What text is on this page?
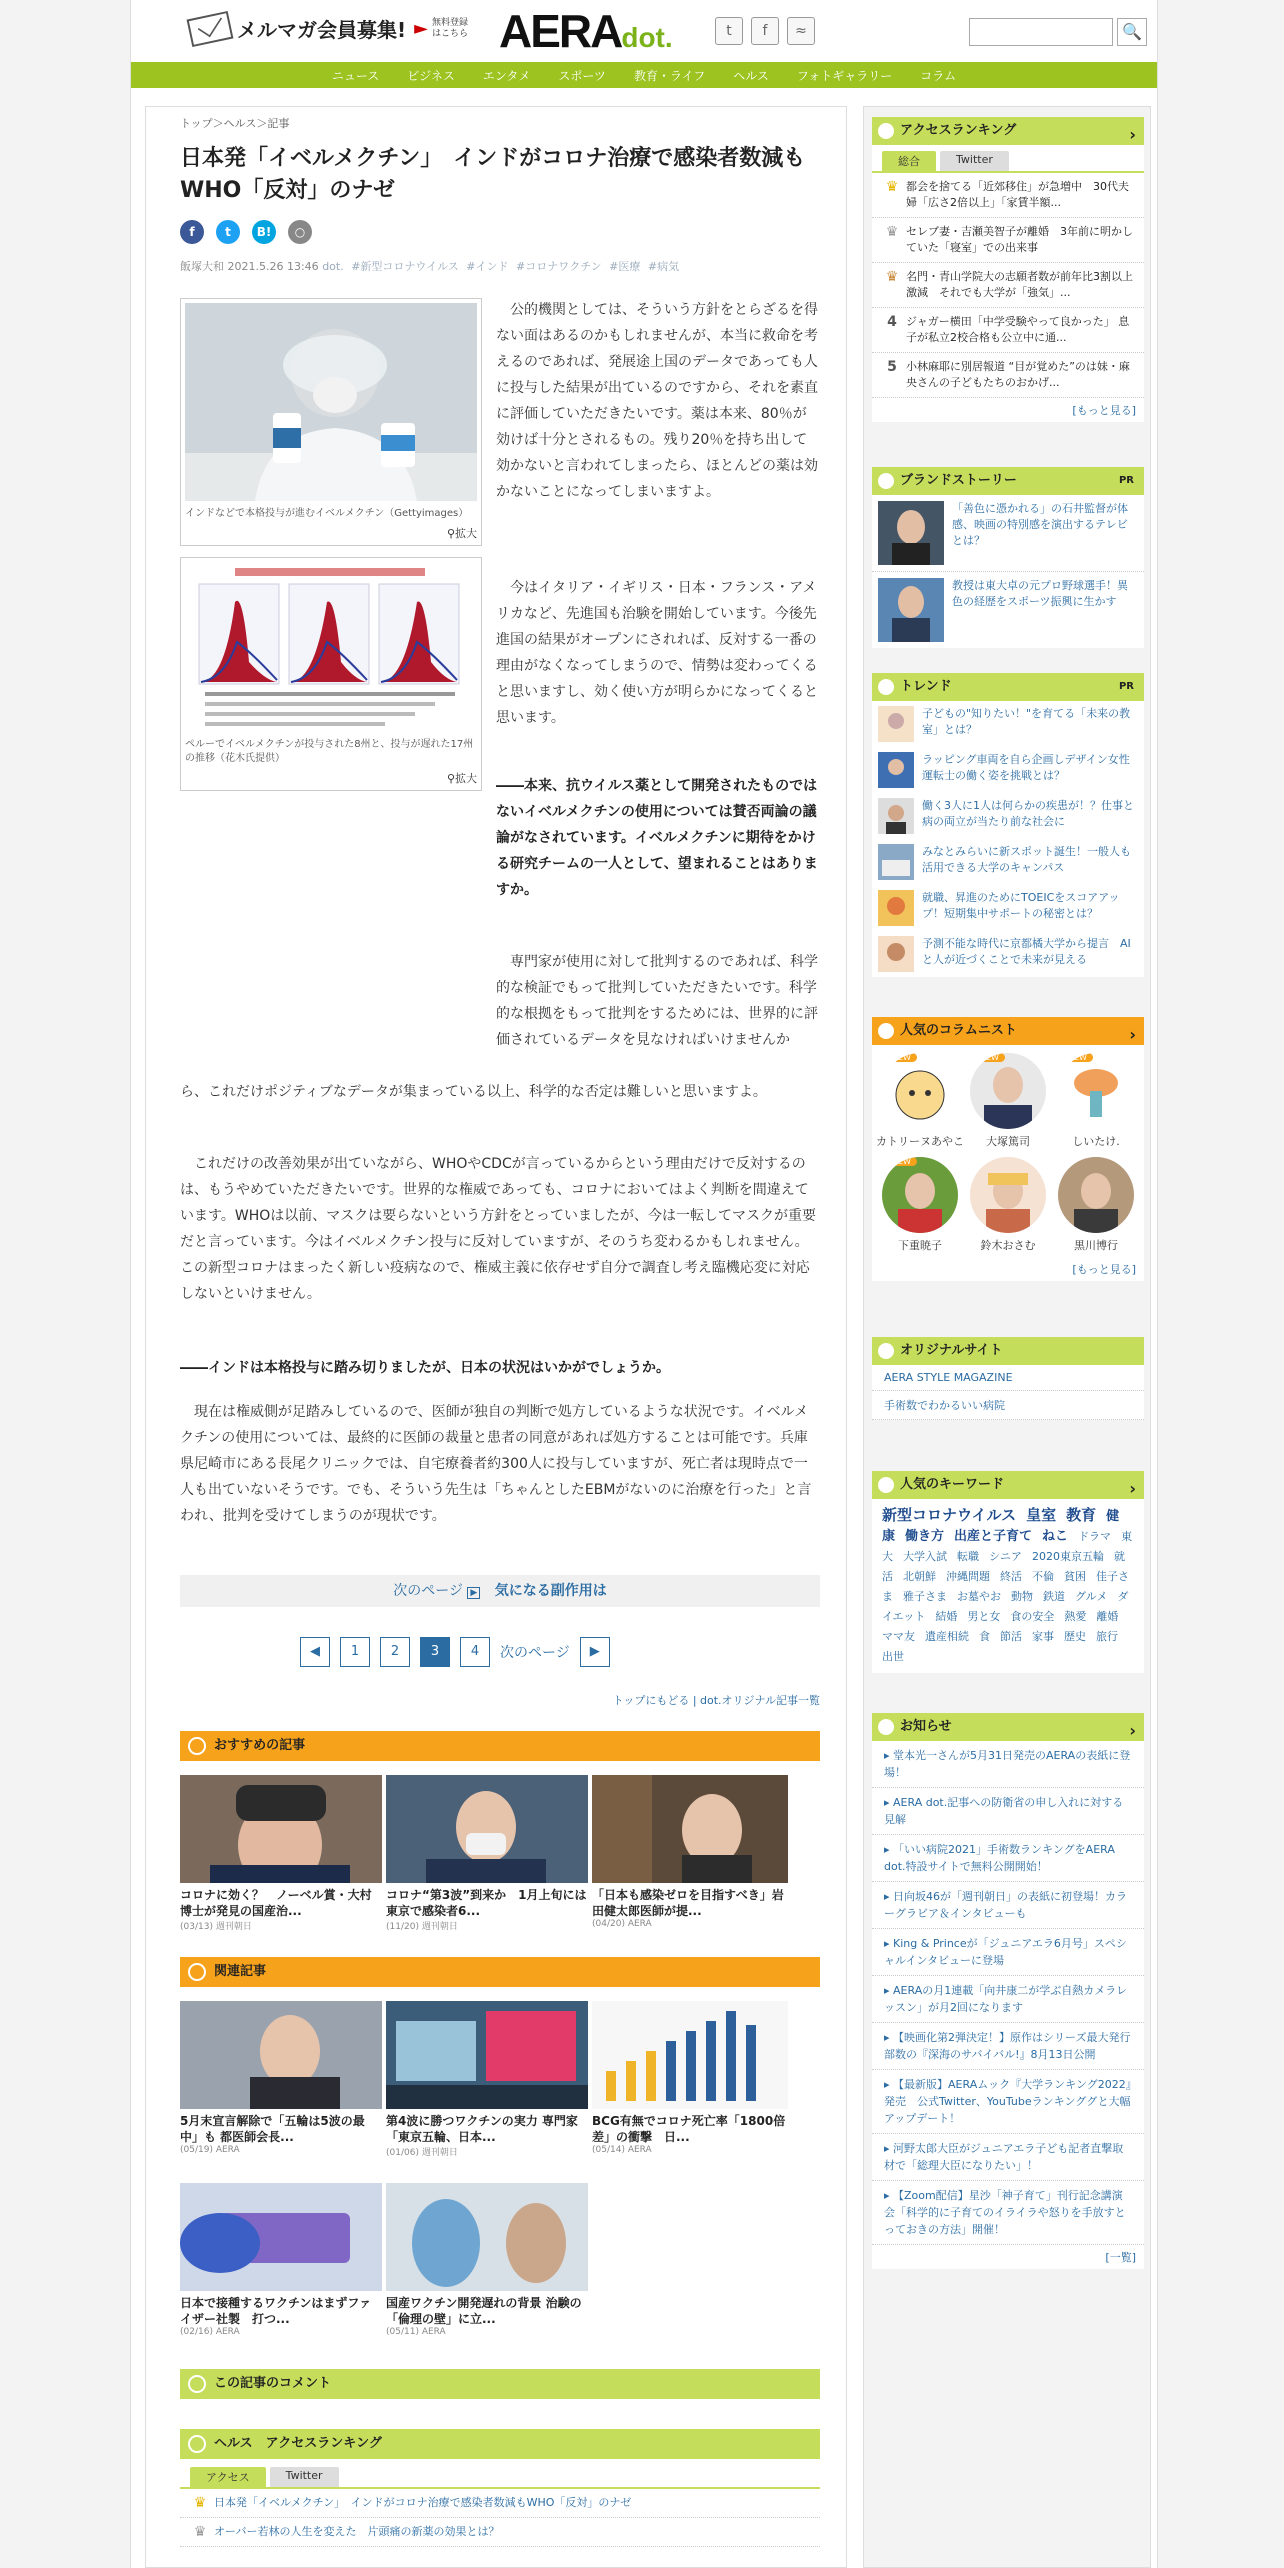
メルマガ会員募集! ► 無料登録はこちら AERAdot.	t	f	≈	🔍
ニュース	ビジネス	エンタメ	スポーツ	教育・ライフ	ヘルス	フォトギャラリー	コラム
トップ＞ヘルス＞記事
日本発「イベルメクチン」　インドがコロナ治療で感染者数減もWHO「反対」のナゼ
f	t	B!	○
飯塚大和 2021.5.26 13:46 dot. #新型コロナウイルス #インド #コロナワクチン #医療 #病気
インドなどで本格投与が進むイベルメクチン（Gettyimages）
⚲拡大
ペルーでイベルメクチンが投与された8州と、投与が遅れた17州の推移（花木氏提供）
⚲拡大

公的機関としては、そういう方針をとらざるを得ない面はあるのかもしれませんが、本当に救命を考えるのであれば、発展途上国のデータであっても人に投与した結果が出ているのですから、それを素直に評価していただきたいです。薬は本来、80％が効けば十分とされるもの。残り20％を持ち出して効かないと言われてしまったら、ほとんどの薬は効かないことになってしまいますよ。

今はイタリア・イギリス・日本・フランス・アメリカなど、先進国も治験を開始しています。今後先進国の結果がオープンにされれば、反対する一番の理由がなくなってしまうので、情勢は変わってくると思いますし、効く使い方が明らかになってくると思います。

――本来、抗ウイルス薬として開発されたものではないイベルメクチンの使用については賛否両論の議論がなされています。イベルメクチンに期待をかける研究チームの一人として、望まれることはありますか。

専門家が使用に対して批判するのであれば、科学的な検証でもって批判していただきたいです。科学的な根拠をもって批判をするためには、世界的に評価されているデータを見なければいけませんか

ら、これだけポジティブなデータが集まっている以上、科学的な否定は難しいと思いますよ。

これだけの改善効果が出ていながら、WHOやCDCが言っているからという理由だけで反対するのは、もうやめていただきたいです。世界的な権威であっても、コロナにおいてはよく判断を間違えています。WHOは以前、マスクは要らないという方針をとっていましたが、今は一転してマスクが重要だと言っています。今はイベルメクチン投与に反対していますが、そのうち変わるかもしれません。この新型コロナはまったく新しい疫病なので、権威主義に依存せず自分で調査し考え臨機応変に対応しないといけません。

――インドは本格投与に踏み切りましたが、日本の状況はいかがでしょうか。

現在は権威側が足踏みしているので、医師が独自の判断で処方しているような状況です。イベルメクチンの使用については、最終的に医師の裁量と患者の同意があれば処方することは可能です。兵庫県尼崎市にある長尾クリニックでは、自宅療養者約300人に投与していますが、死亡者は現時点で一人も出ていないそうです。でも、そういう先生は「ちゃんとしたEBMがないのに治療を行った」と言われ、批判を受けてしまうのが現状です。

次のページ ▶ 気になる副作用は
◀	1	2	3	4	次のページ	▶
トップにもどる | dot.オリジナル記事一覧
おすすめの記事
コロナに効く？　ノーベル賞・大村博士が発見の国産治...
(03/13) 週刊朝日
コロナ“第3波”到来か　1月上旬には東京で感染者6...
(11/20) 週刊朝日
「日本も感染ゼロを目指すべき」岩田健太郎医師が提...
(04/20) AERA
関連記事
5月末宣言解除で「五輪は5波の最中」も 都医師会長...
(05/19) AERA
第4波に勝つワクチンの実力 専門家「東京五輪、日本...
(01/06) 週刊朝日
BCG有無でコロナ死亡率「1800倍差」の衝撃　日...
(05/14) AERA
日本で接種するワクチンはまずファイザー社製　打つ...
(02/16) AERA
国産ワクチン開発遅れの背景 治験の「倫理の壁」に立...
(05/11) AERA
この記事のコメント
ヘルス　アクセスランキング
アクセス	Twitter
♛ 日本発「イベルメクチン」　インドがコロナ治療で感染者数減もWHO「反対」のナゼ
♛ オーバー若林の人生を変えた　片頭痛の新薬の効果とは？
アクセスランキング	›
総合	Twitter
♛ 都会を捨てる「近郊移住」が急増中　30代夫婦「広さ2倍以上」「家賃半額...
♛ セレブ妻・吉瀬美智子が離婚　3年前に明かしていた「寝室」での出来事
♛ 名門・青山学院大の志願者数が前年比3割以上激減　それでも大学が「強気」...
4 ジャガー横田「中学受験やって良かった」 息子が私立2校合格も公立中に通...
5 小林麻耶に別居報道 “目が覚めた”のは妹・麻央さんの子どもたちのおかげ...
[もっと見る]
ブランドストーリー	PR
「善色に憑かれる」の石井監督が体感、映画の特別感を演出するテレビとは？
教授は東大卓の元プロ野球選手！異色の経歴をスポーツ振興に生かす
トレンド	PR
子どもの"知りたい！"を育てる「未来の教室」とは？
ラッピング車両を自ら企画しデザイン女性運転士の働く姿を挑戦とは？
働く3人に1人は何らかの疾患が！？仕事と病の両立が当たり前な社会に
みなとみらいに新スポット誕生！一般人も活用できる大学のキャンパス
就職、昇進のためにTOEICをスコアアップ！短期集中サポートの秘密とは？
予測不能な時代に京都橘大学から提言　AIと人が近づくことで未来が見える
人気のコラムニスト	›
NEW
カトリーヌあやこ
NEW
大塚篤司
NEW
しいたけ.
NEW
下重暁子	鈴木おさむ	黒川博行
[もっと見る]
オリジナルサイト
AERA STYLE MAGAZINE
手術数でわかるいい病院
人気のキーワード	›
新型コロナウイルス 皇室 教育 健康 働き方 出産と子育て ねこ ドラマ 東大 大学入試 転職 シニア 2020東京五輪 就活 北朝鮮 沖縄問題 終活 不倫 貧困 佳子さま 雅子さま お墓やお 動物 鉄道 グルメ ダイエット 結婚 男と女 食の安全 熱愛 離婚ママ友 遺産相続 食 節活 家事 歴史 旅行出世
お知らせ	›
▸ 堂本光一さんが5月31日発売のAERAの表紙に登場！
▸ AERA dot.記事への防衛省の申し入れに対する見解
▸ 「いい病院2021」手術数ランキングをAERA dot.特設サイトで無料公開開始！
▸ 日向坂46が「週刊朝日」の表紙に初登場！カラーグラビア＆インタビューも
▸ King & Princeが「ジュニアエラ6月号」スペシャルインタビューに登場
▸ AERAの月1連載「向井康二が学ぶ自熱カメラレッスン」が月2回になります
▸ 【映画化第2弾決定！】原作はシリーズ最大発行部数の『深海のサバイバル!』8月13日公開
▸ 【最新版】AERAムック『大学ランキング2022』発売　公式Twitter、YouTubeランキンググと大幅アップデート！
▸ 河野太郎大臣がジュニアエラ子ども記者直撃取材で「総理大臣になりたい」！
▸ 【Zoom配信】星沙「神子育て」刊行記念講演会「科学的に子育てのイライラや怒りを手放すとっておきの方法」開催！
[一覧]
